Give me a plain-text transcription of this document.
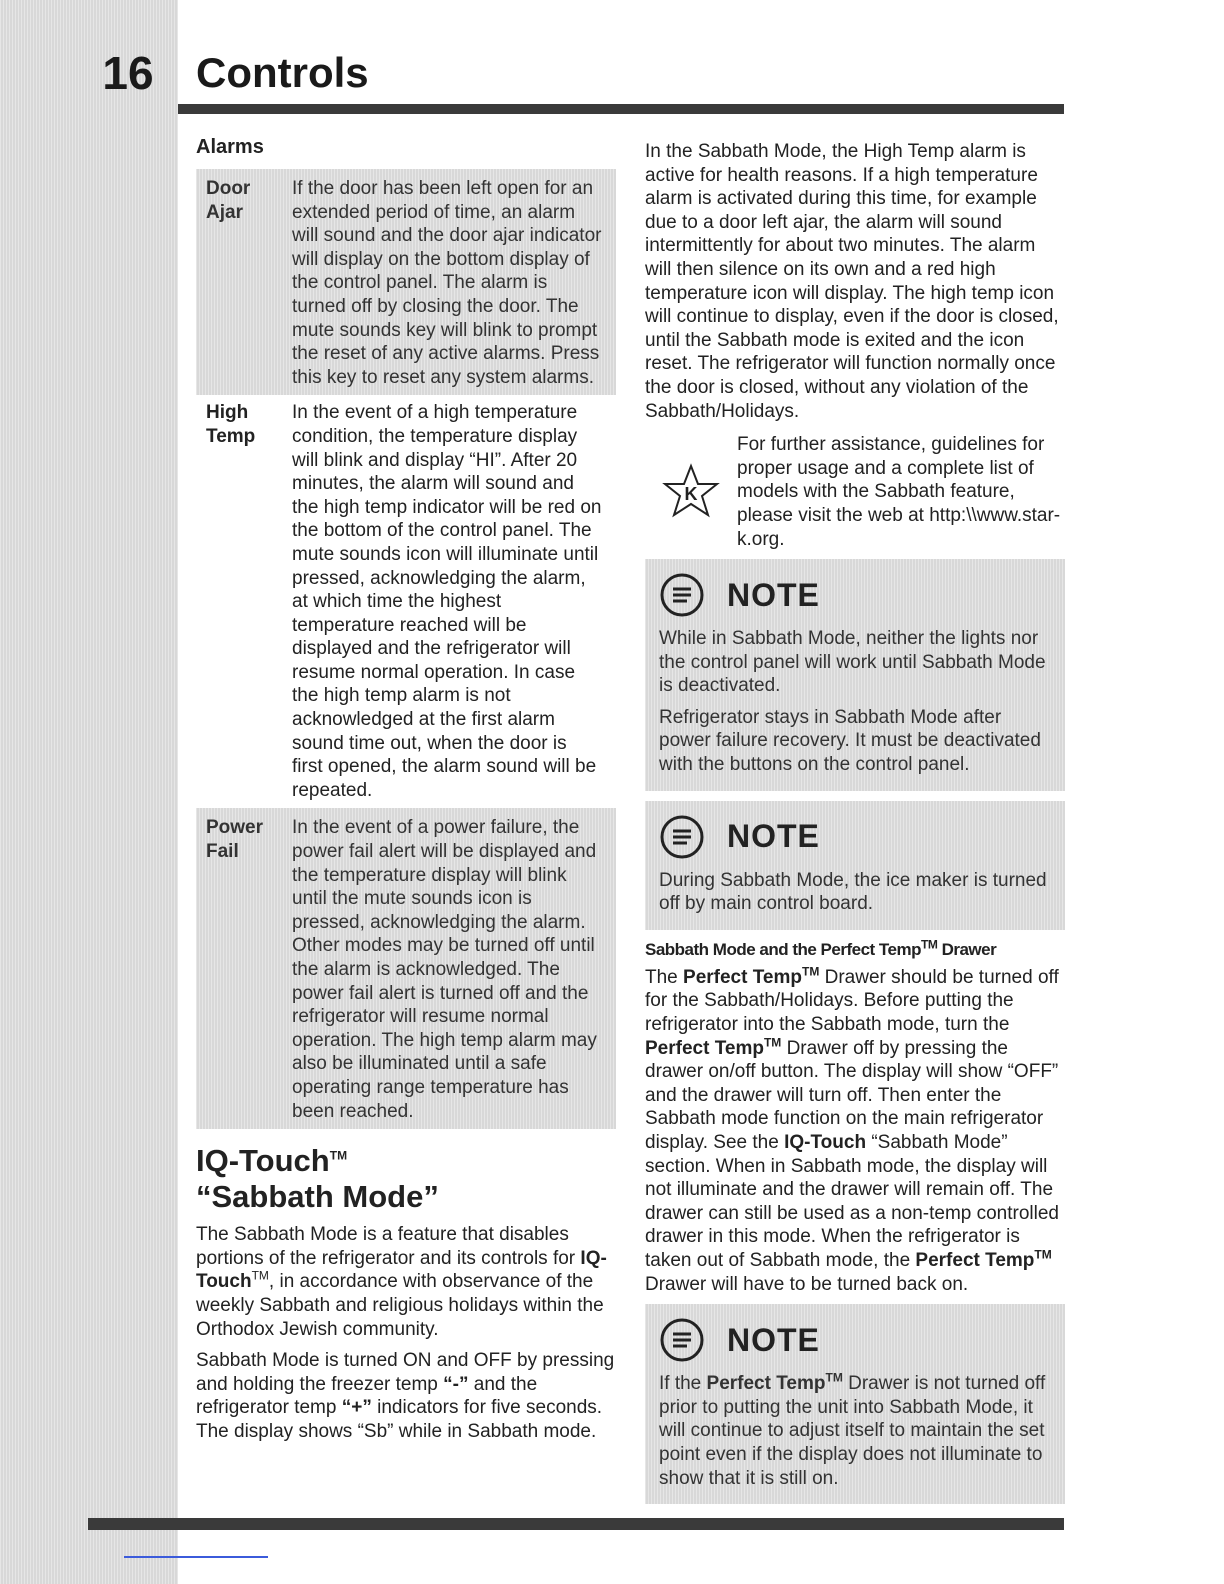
16	Controls
Alarms
Door
Ajar
If the door has been left open for an extended period of time, an alarm will sound and the door ajar indicator will display on the bottom display of the control panel. The alarm is turned off by closing the door. The mute sounds key will blink to prompt the reset of any active alarms. Press this key to reset any system alarms.
High
Temp
In the event of a high temperature condition, the temperature display will blink and display “HI”. After 20 minutes, the alarm will sound and the high temp indicator will be red on the bottom of the control panel. The mute sounds icon will illuminate until pressed, acknowledging the alarm, at which time the highest temperature reached will be displayed and the refrigerator will resume normal operation. In case the high temp alarm is not acknowledged at the first alarm sound time out, when the door is first opened, the alarm sound will be repeated.
Power
Fail
In the event of a power failure, the power fail alert will be displayed and the temperature display will blink until the mute sounds icon is pressed, acknowledging the alarm. Other modes may be turned off until the alarm is acknowledged. The power fail alert is turned off and the refrigerator will resume normal operation. The high temp alarm may also be illuminated until a safe operating range temperature has been reached.
IQ-Touch™
“Sabbath Mode”

The Sabbath Mode is a feature that disables portions of the refrigerator and its controls for IQ-Touch™, in accordance with observance of the weekly Sabbath and religious holidays within the Orthodox Jewish community.

Sabbath Mode is turned ON and OFF by pressing and holding the freezer temp “-” and the refrigerator temp “+” indicators for five seconds. The display shows “Sb” while in Sabbath mode.

In the Sabbath Mode, the High Temp alarm is active for health reasons. If a high temperature alarm is activated during this time, for example due to a door left ajar, the alarm will sound intermittently for about two minutes. The alarm will then silence on its own and a red high temperature icon will display. The high temp icon will continue to display, even if the door is closed, until the Sabbath mode is exited and the icon reset. The refrigerator will function normally once the door is closed, without any violation of the Sabbath/Holidays.

K
For further assistance, guidelines for proper usage and a complete list of models with the Sabbath feature, please visit the web at http:\\www.star-k.org.
NOTE

While in Sabbath Mode, neither the lights nor the control panel will work until Sabbath Mode is deactivated.

Refrigerator stays in Sabbath Mode after power failure recovery. It must be deactivated with the buttons on the control panel.

NOTE

During Sabbath Mode, the ice maker is turned off by main control board.

Sabbath Mode and the Perfect Temp™ Drawer

The Perfect Temp™ Drawer should be turned off for the Sabbath/Holidays. Before putting the refrigerator into the Sabbath mode, turn the Perfect Temp™ Drawer off by pressing the drawer on/off button. The display will show “OFF” and the drawer will turn off. Then enter the Sabbath mode function on the main refrigerator display. See the IQ-Touch “Sabbath Mode” section. When in Sabbath mode, the display will not illuminate and the drawer will remain off. The drawer can still be used as a non-temp controlled drawer in this mode. When the refrigerator is taken out of Sabbath mode, the Perfect Temp™ Drawer will have to be turned back on.

NOTE

If the Perfect Temp™ Drawer is not turned off prior to putting the unit into Sabbath Mode, it will continue to adjust itself to maintain the set point even if the display does not illuminate to show that it is still on.
